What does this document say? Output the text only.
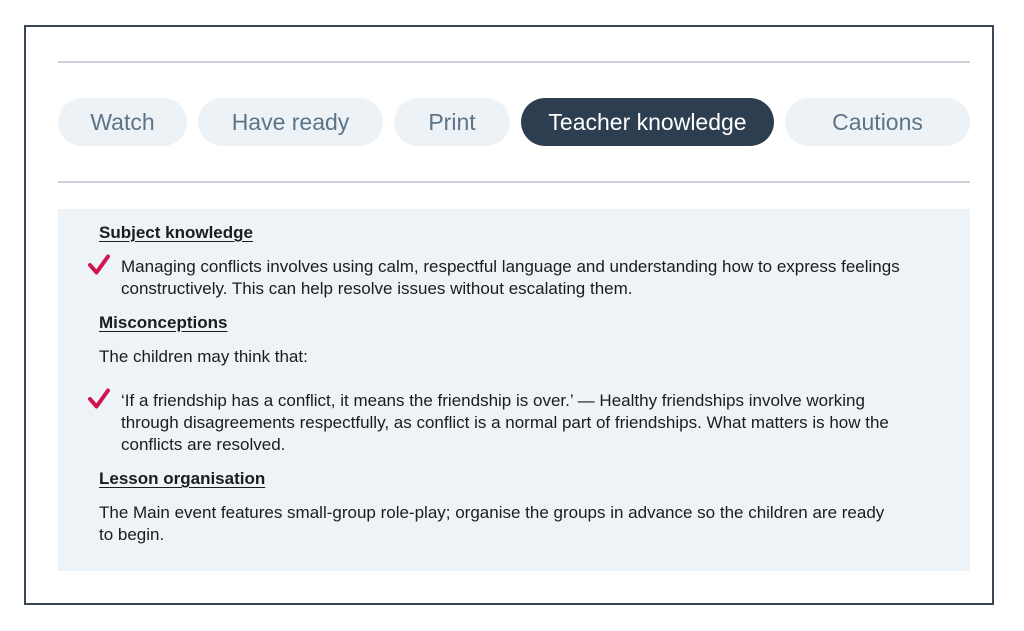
Watch	Have ready	Print	Teacher knowledge	Cautions
Subject knowledge
Managing conflicts involves using calm, respectful language and understanding how to express feelings constructively. This can help resolve issues without escalating them.
Misconceptions
The children may think that:
‘If a friendship has a conflict, it means the friendship is over.’ — Healthy friendships involve working through disagreements respectfully, as conflict is a normal part of friendships. What matters is how the conflicts are resolved.
Lesson organisation
The Main event features small-group role-play; organise the groups in advance so the children are ready to begin.
